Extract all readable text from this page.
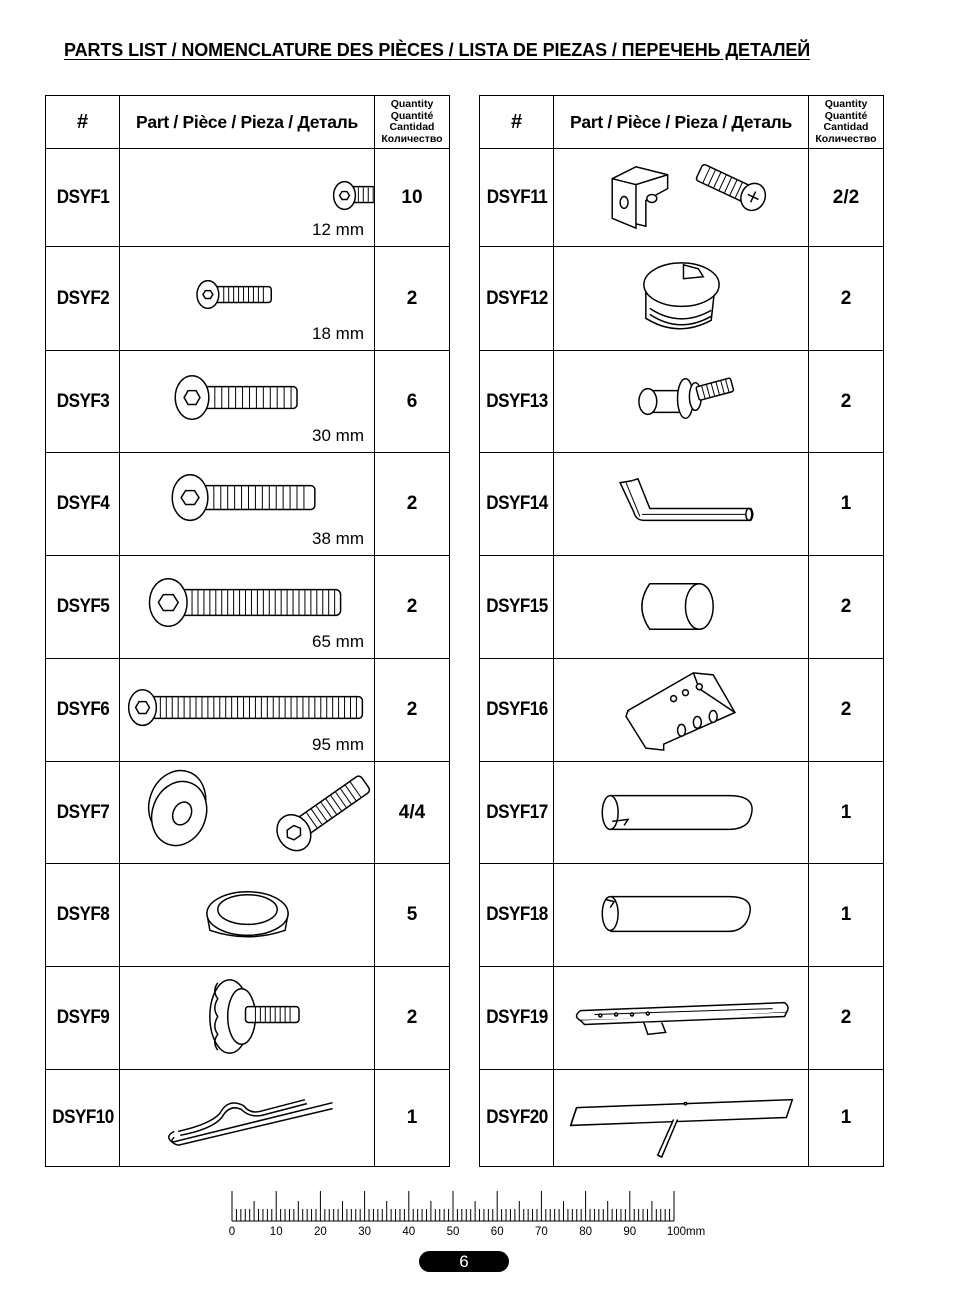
PARTS LIST / NOMENCLATURE DES PIÈCES / LISTA DE PIEZAS / ПЕРЕЧЕНЬ ДЕТАЛЕЙ
#	Part / Pièce / Pieza / Деталь	Quantity
Quantité
Cantidad
Количество

DSYF1	12 mm	10
DSYF2	18 mm	2
DSYF3	30 mm	6
DSYF4	38 mm	2
DSYF5	65 mm	2
DSYF6	95 mm	2
DSYF7		4/4
DSYF8		5
DSYF9		2
DSYF10		1
#	Part / Pièce / Pieza / Деталь	Quantity
Quantité
Cantidad
Количество

DSYF11		2/2
DSYF12		2
DSYF13		2
DSYF14		1
DSYF15		2
DSYF16		2
DSYF17		1
DSYF18		1
DSYF19		2
DSYF20		1
0	10	20	30	40	50	60	70	80	90	100mm
6
